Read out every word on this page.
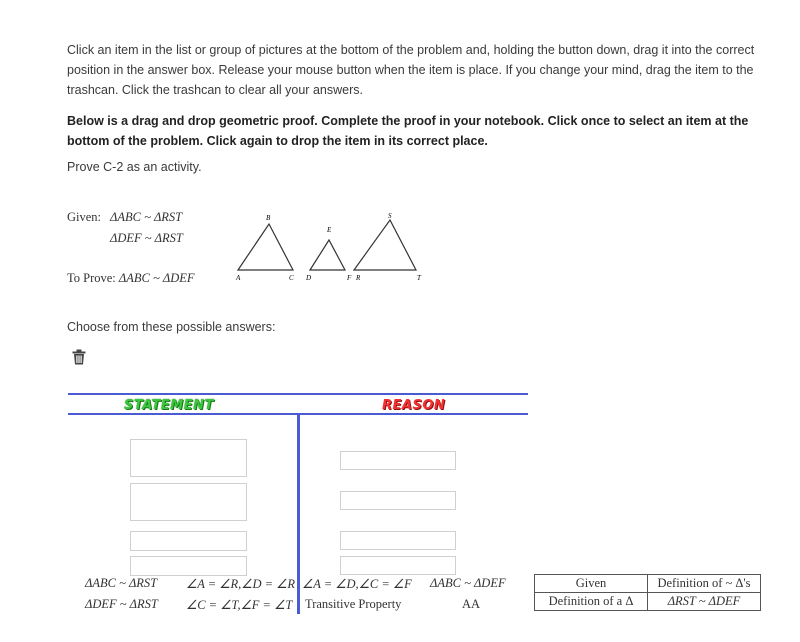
Click an item in the list or group of pictures at the bottom of the problem and, holding the button down, drag it into the correct position in the answer box. Release your mouse button when the item is place. If you change your mind, drag the item to the trashcan. Click the trashcan to clear all your answers.
Below is a drag and drop geometric proof. Complete the proof in your notebook. Click once to select an item at the bottom of the problem. Click again to drop the item in its correct place.
Prove C-2 as an activity.
Given: ΔABC ~ ΔRST
ΔDEF ~ ΔRST
To Prove: ΔABC ~ ΔDEF	A
B
C D
E
F R
S
T
Choose from these possible answers:
STATEMENT	REASON
ΔABC ~ ΔRST
ΔDEF ~ ΔRST
∠A = ∠R,∠D = ∠R
∠C = ∠T,∠F = ∠T
∠A = ∠D,∠C = ∠F
Transitive Property
ΔABC ~ ΔDEF
AA
Given	Definition of ~ Δ's
Definition of a Δ	ΔRST ~ ΔDEF
